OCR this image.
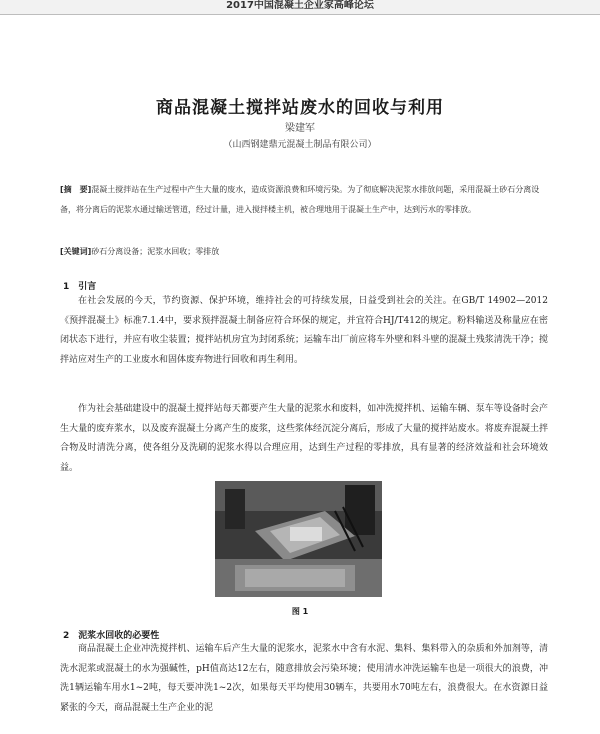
2017中国混凝土企业家高峰论坛
商品混凝土搅拌站废水的回收与利用
梁建军
（山西钢建鼎元混凝土制品有限公司）
[摘　要]混凝土搅拌站在生产过程中产生大量的废水，造成资源浪费和环境污染。为了彻底解决泥浆水排放问题，采用混凝土砂石分离设备，将分离后的泥浆水通过输送管道，经过计量，进入搅拌楼主机，被合理地用于混凝土生产中，达到污水的零排放。
[关键词]砂石分离设备；泥浆水回收；零排放
1　引言
在社会发展的今天，节约资源、保护环境，维持社会的可持续发展，日益受到社会的关注。在GB/T 14902—2012《预拌混凝土》标准7.1.4中，要求预拌混凝土制备应符合环保的规定，并宜符合HJ/T412的规定。粉料输送及称量应在密闭状态下进行，并应有收尘装置；搅拌站机房宜为封闭系统；运输车出厂前应将车外壁和料斗壁的混凝土残浆清洗干净；搅拌站应对生产的工业废水和固体废弃物进行回收和再生利用。
作为社会基础建设中的混凝土搅拌站每天都要产生大量的泥浆水和废料，如冲洗搅拌机、运输车辆、泵车等设备时会产生大量的废弃浆水，以及废弃混凝土分离产生的废浆，这些浆体经沉淀分离后，形成了大量的搅拌站废水。将废弃混凝土拌合物及时清洗分离，使各组分及洗刷的泥浆水得以合理应用，达到生产过程的零排放，具有显著的经济效益和社会环境效益。
图 1
2　泥浆水回收的必要性
商品混凝土企业冲洗搅拌机、运输车后产生大量的泥浆水，泥浆水中含有水泥、集料、集料带入的杂质和外加剂等，清洗水泥浆或混凝土的水为强碱性，pH值高达12左右，随意排放会污染环境；使用清水冲洗运输车也是一项很大的浪费，冲洗1辆运输车用水1~2吨，每天要冲洗1~2次，如果每天平均使用30辆车，共要用水70吨左右，浪费很大。在水资源日益紧张的今天，商品混凝土生产企业的泥
